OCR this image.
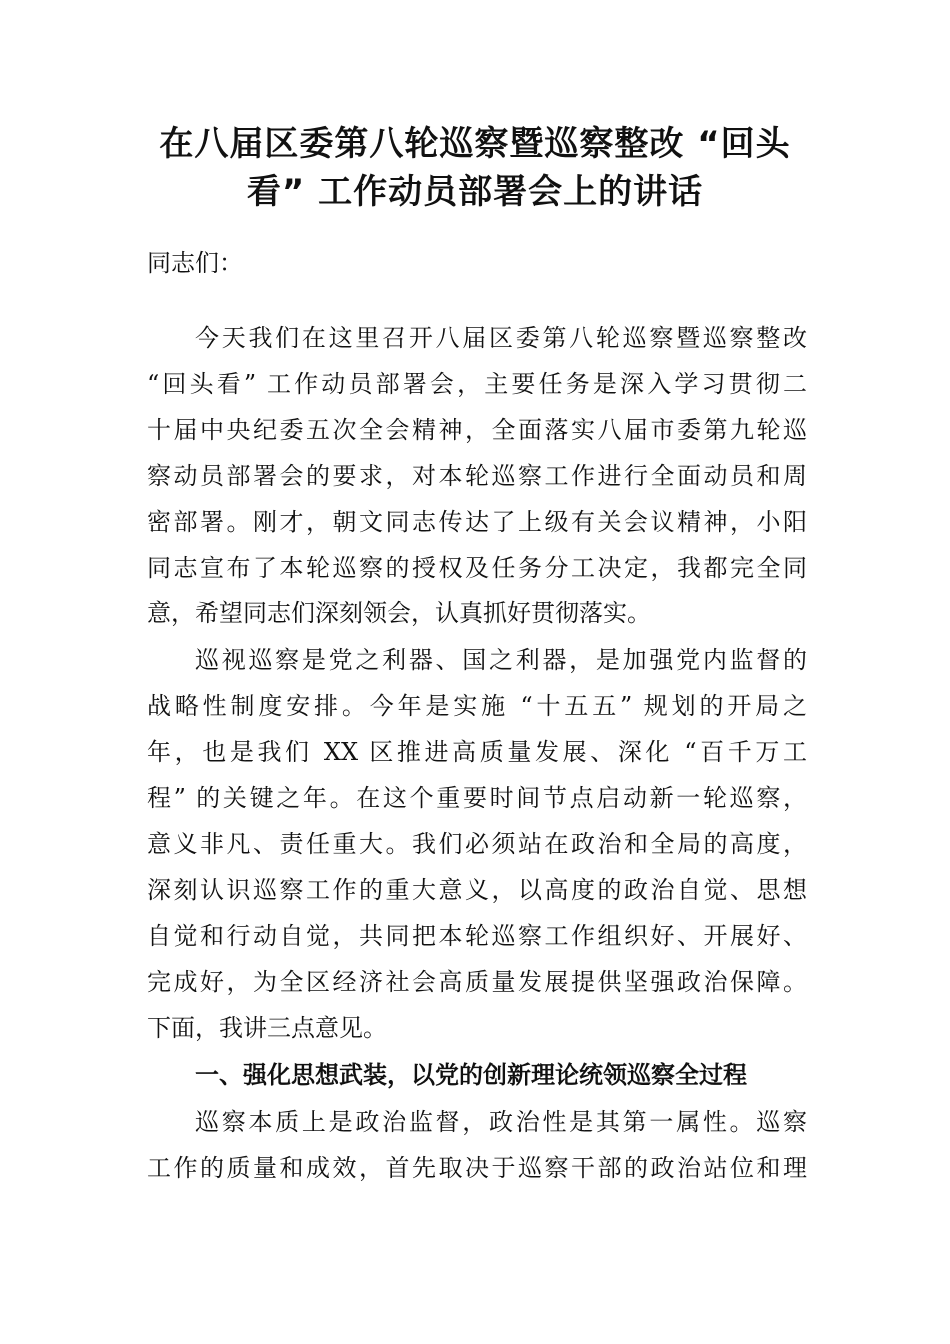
在八届区委第八轮巡察暨巡察整改 “回头
看” 工作动员部署会上的讲话
同志们：
今天我们在这里召开八届区委第八轮巡察暨巡察整改
“回头看” 工作动员部署会，主要任务是深入学习贯彻二
十届中央纪委五次全会精神，全面落实八届市委第九轮巡
察动员部署会的要求，对本轮巡察工作进行全面动员和周
密部署。刚才，朝文同志传达了上级有关会议精神，小阳
同志宣布了本轮巡察的授权及任务分工决定，我都完全同
意，希望同志们深刻领会，认真抓好贯彻落实。
巡视巡察是党之利器、国之利器，是加强党内监督的
战略性制度安排。今年是实施 “十五五” 规划的开局之
年，也是我们 XX 区推进高质量发展、深化 “百千万工
程” 的关键之年。在这个重要时间节点启动新一轮巡察，
意义非凡、责任重大。我们必须站在政治和全局的高度，
深刻认识巡察工作的重大意义，以高度的政治自觉、思想
自觉和行动自觉，共同把本轮巡察工作组织好、开展好、
完成好，为全区经济社会高质量发展提供坚强政治保障。
下面，我讲三点意见。
一、强化思想武装，以党的创新理论统领巡察全过程
巡察本质上是政治监督，政治性是其第一属性。巡察
工作的质量和成效，首先取决于巡察干部的政治站位和理
